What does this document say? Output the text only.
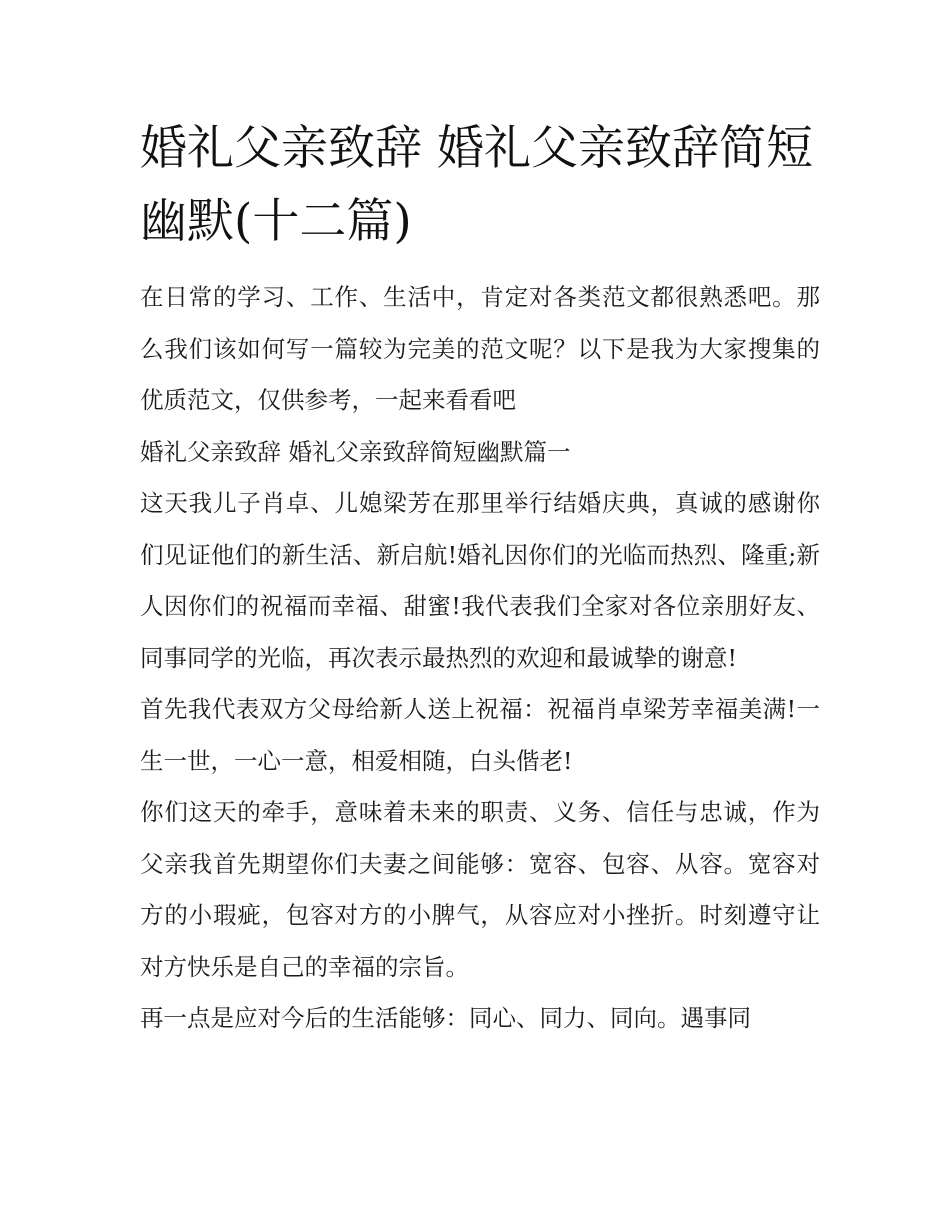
婚礼父亲致辞 婚礼父亲致辞简短幽默(十二篇)

在日常的学习、工作、生活中，肯定对各类范文都很熟悉吧。那么我们该如何写一篇较为完美的范文呢？以下是我为大家搜集的优质范文，仅供参考，一起来看看吧

婚礼父亲致辞 婚礼父亲致辞简短幽默篇一

这天我儿子肖卓、儿媳梁芳在那里举行结婚庆典，真诚的感谢你们见证他们的新生活、新启航!婚礼因你们的光临而热烈、隆重;新人因你们的祝福而幸福、甜蜜!我代表我们全家对各位亲朋好友、同事同学的光临，再次表示最热烈的欢迎和最诚挚的谢意!

首先我代表双方父母给新人送上祝福：祝福肖卓梁芳幸福美满!一生一世，一心一意，相爱相随，白头偕老!

你们这天的牵手，意味着未来的职责、义务、信任与忠诚，作为父亲我首先期望你们夫妻之间能够：宽容、包容、从容。宽容对方的小瑕疵，包容对方的小脾气，从容应对小挫折。时刻遵守让对方快乐是自己的幸福的宗旨。

再一点是应对今后的生活能够：同心、同力、同向。遇事同
